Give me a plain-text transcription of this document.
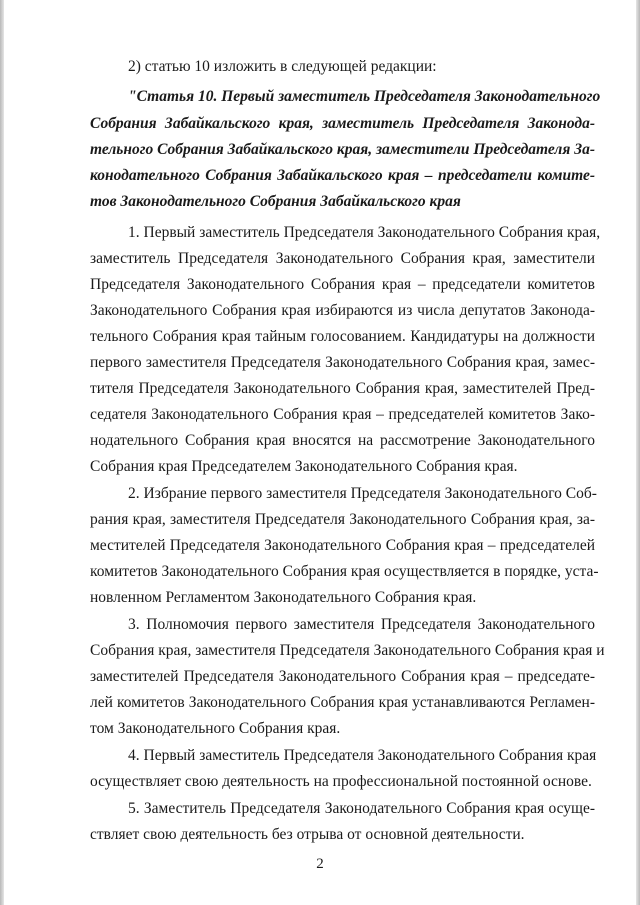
2) статью 10 изложить в следующей редакции:
"Статья 10. Первый заместитель Председателя Законодательного
Собрания Забайкальского края, заместитель Председателя Законода-
тельного Собрания Забайкальского края, заместители Председателя За-
конодательного Собрания Забайкальского края – председатели комите-
тов Законодательного Собрания Забайкальского края
1. Первый заместитель Председателя Законодательного Собрания края,
заместитель Председателя Законодательного Собрания края, заместители
Председателя Законодательного Собрания края – председатели комитетов
Законодательного Собрания края избираются из числа депутатов Законода-
тельного Собрания края тайным голосованием. Кандидатуры на должности
первого заместителя Председателя Законодательного Собрания края, замес-
тителя Председателя Законодательного Собрания края, заместителей Пред-
седателя Законодательного Собрания края – председателей комитетов Зако-
нодательного Собрания края вносятся на рассмотрение Законодательного
Собрания края Председателем Законодательного Собрания края.
2. Избрание первого заместителя Председателя Законодательного Соб-
рания края, заместителя Председателя Законодательного Собрания края, за-
местителей Председателя Законодательного Собрания края – председателей
комитетов Законодательного Собрания края осуществляется в порядке, уста-
новленном Регламентом Законодательного Собрания края.
3. Полномочия первого заместителя Председателя Законодательного
Собрания края, заместителя Председателя Законодательного Собрания края и
заместителей Председателя Законодательного Собрания края – председате-
лей комитетов Законодательного Собрания края устанавливаются Регламен-
том Законодательного Собрания края.
4. Первый заместитель Председателя Законодательного Собрания края
осуществляет свою деятельность на профессиональной постоянной основе.
5. Заместитель Председателя Законодательного Собрания края осуще-
ствляет свою деятельность без отрыва от основной деятельности.
2
